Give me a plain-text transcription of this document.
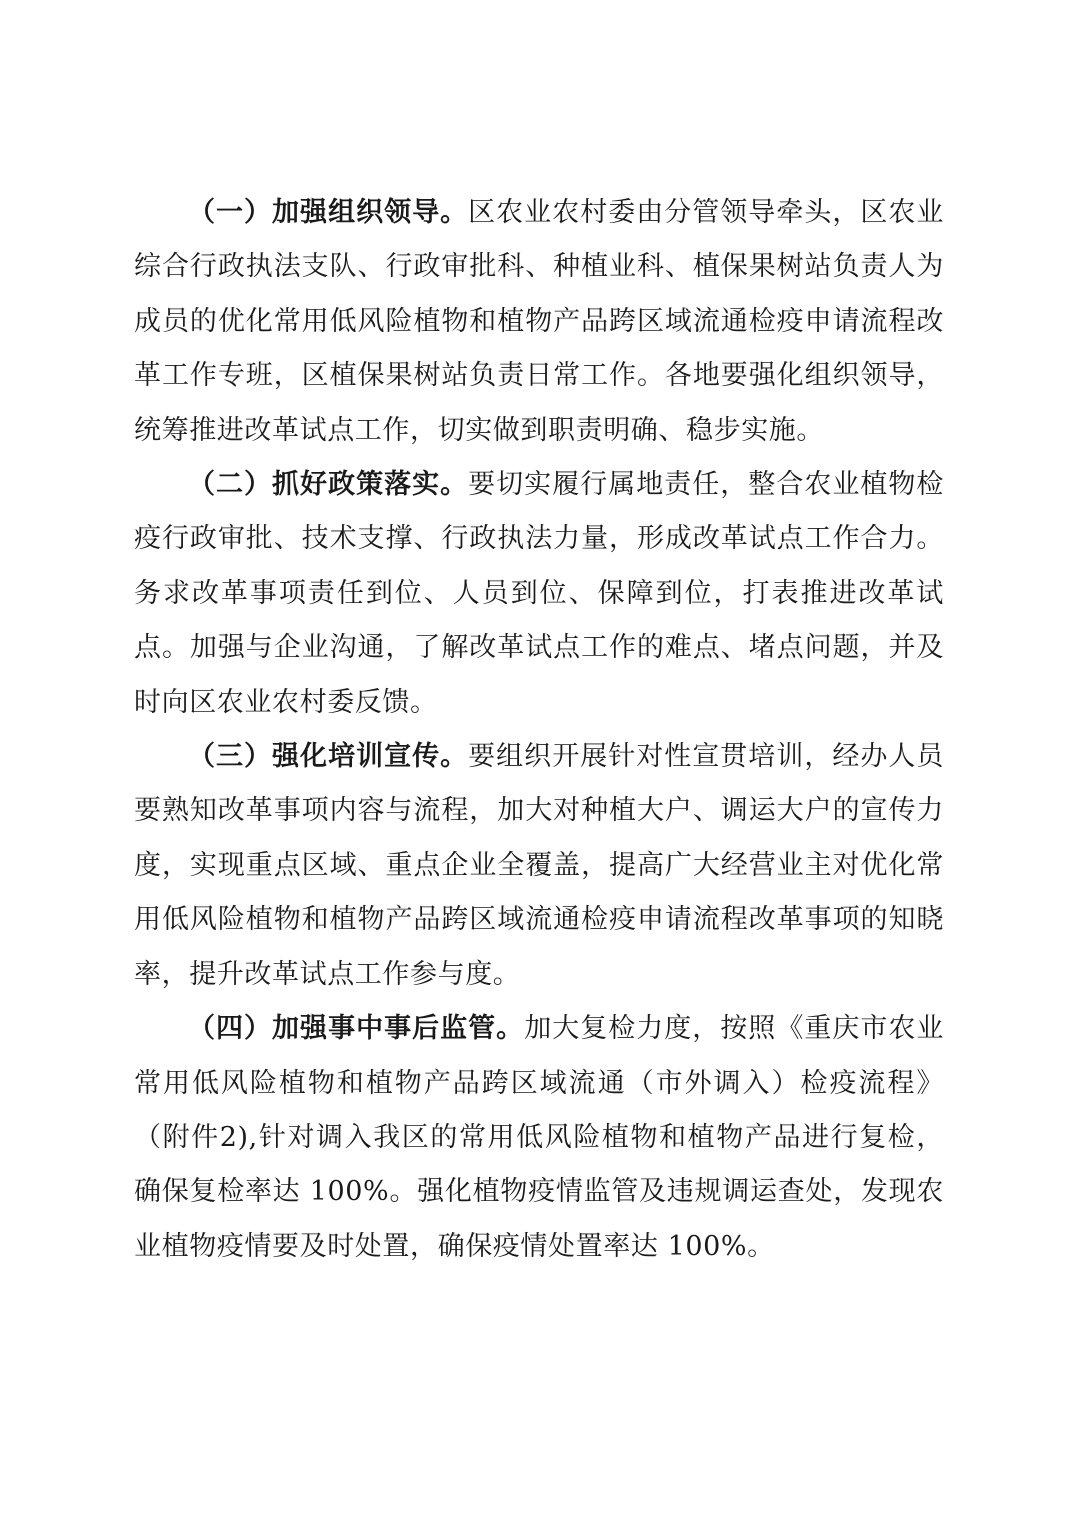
（一）加强组织领导。区农业农村委由分管领导牵头，区农业综合行政执法支队、行政审批科、种植业科、植保果树站负责人为成员的优化常用低风险植物和植物产品跨区域流通检疫申请流程改革工作专班，区植保果树站负责日常工作。各地要强化组织领导，统筹推进改革试点工作，切实做到职责明确、稳步实施。

（二）抓好政策落实。要切实履行属地责任，整合农业植物检疫行政审批、技术支撑、行政执法力量，形成改革试点工作合力。务求改革事项责任到位、人员到位、保障到位，打表推进改革试点。加强与企业沟通，了解改革试点工作的难点、堵点问题，并及时向区农业农村委反馈。

（三）强化培训宣传。要组织开展针对性宣贯培训，经办人员要熟知改革事项内容与流程，加大对种植大户、调运大户的宣传力度，实现重点区域、重点企业全覆盖，提高广大经营业主对优化常用低风险植物和植物产品跨区域流通检疫申请流程改革事项的知晓率，提升改革试点工作参与度。

（四）加强事中事后监管。加大复检力度，按照《重庆市农业常用低风险植物和植物产品跨区域流通（市外调入）检疫流程》（附件2),针对调入我区的常用低风险植物和植物产品进行复检，确保复检率达 100%。强化植物疫情监管及违规调运查处，发现农业植物疫情要及时处置，确保疫情处置率达 100%。
